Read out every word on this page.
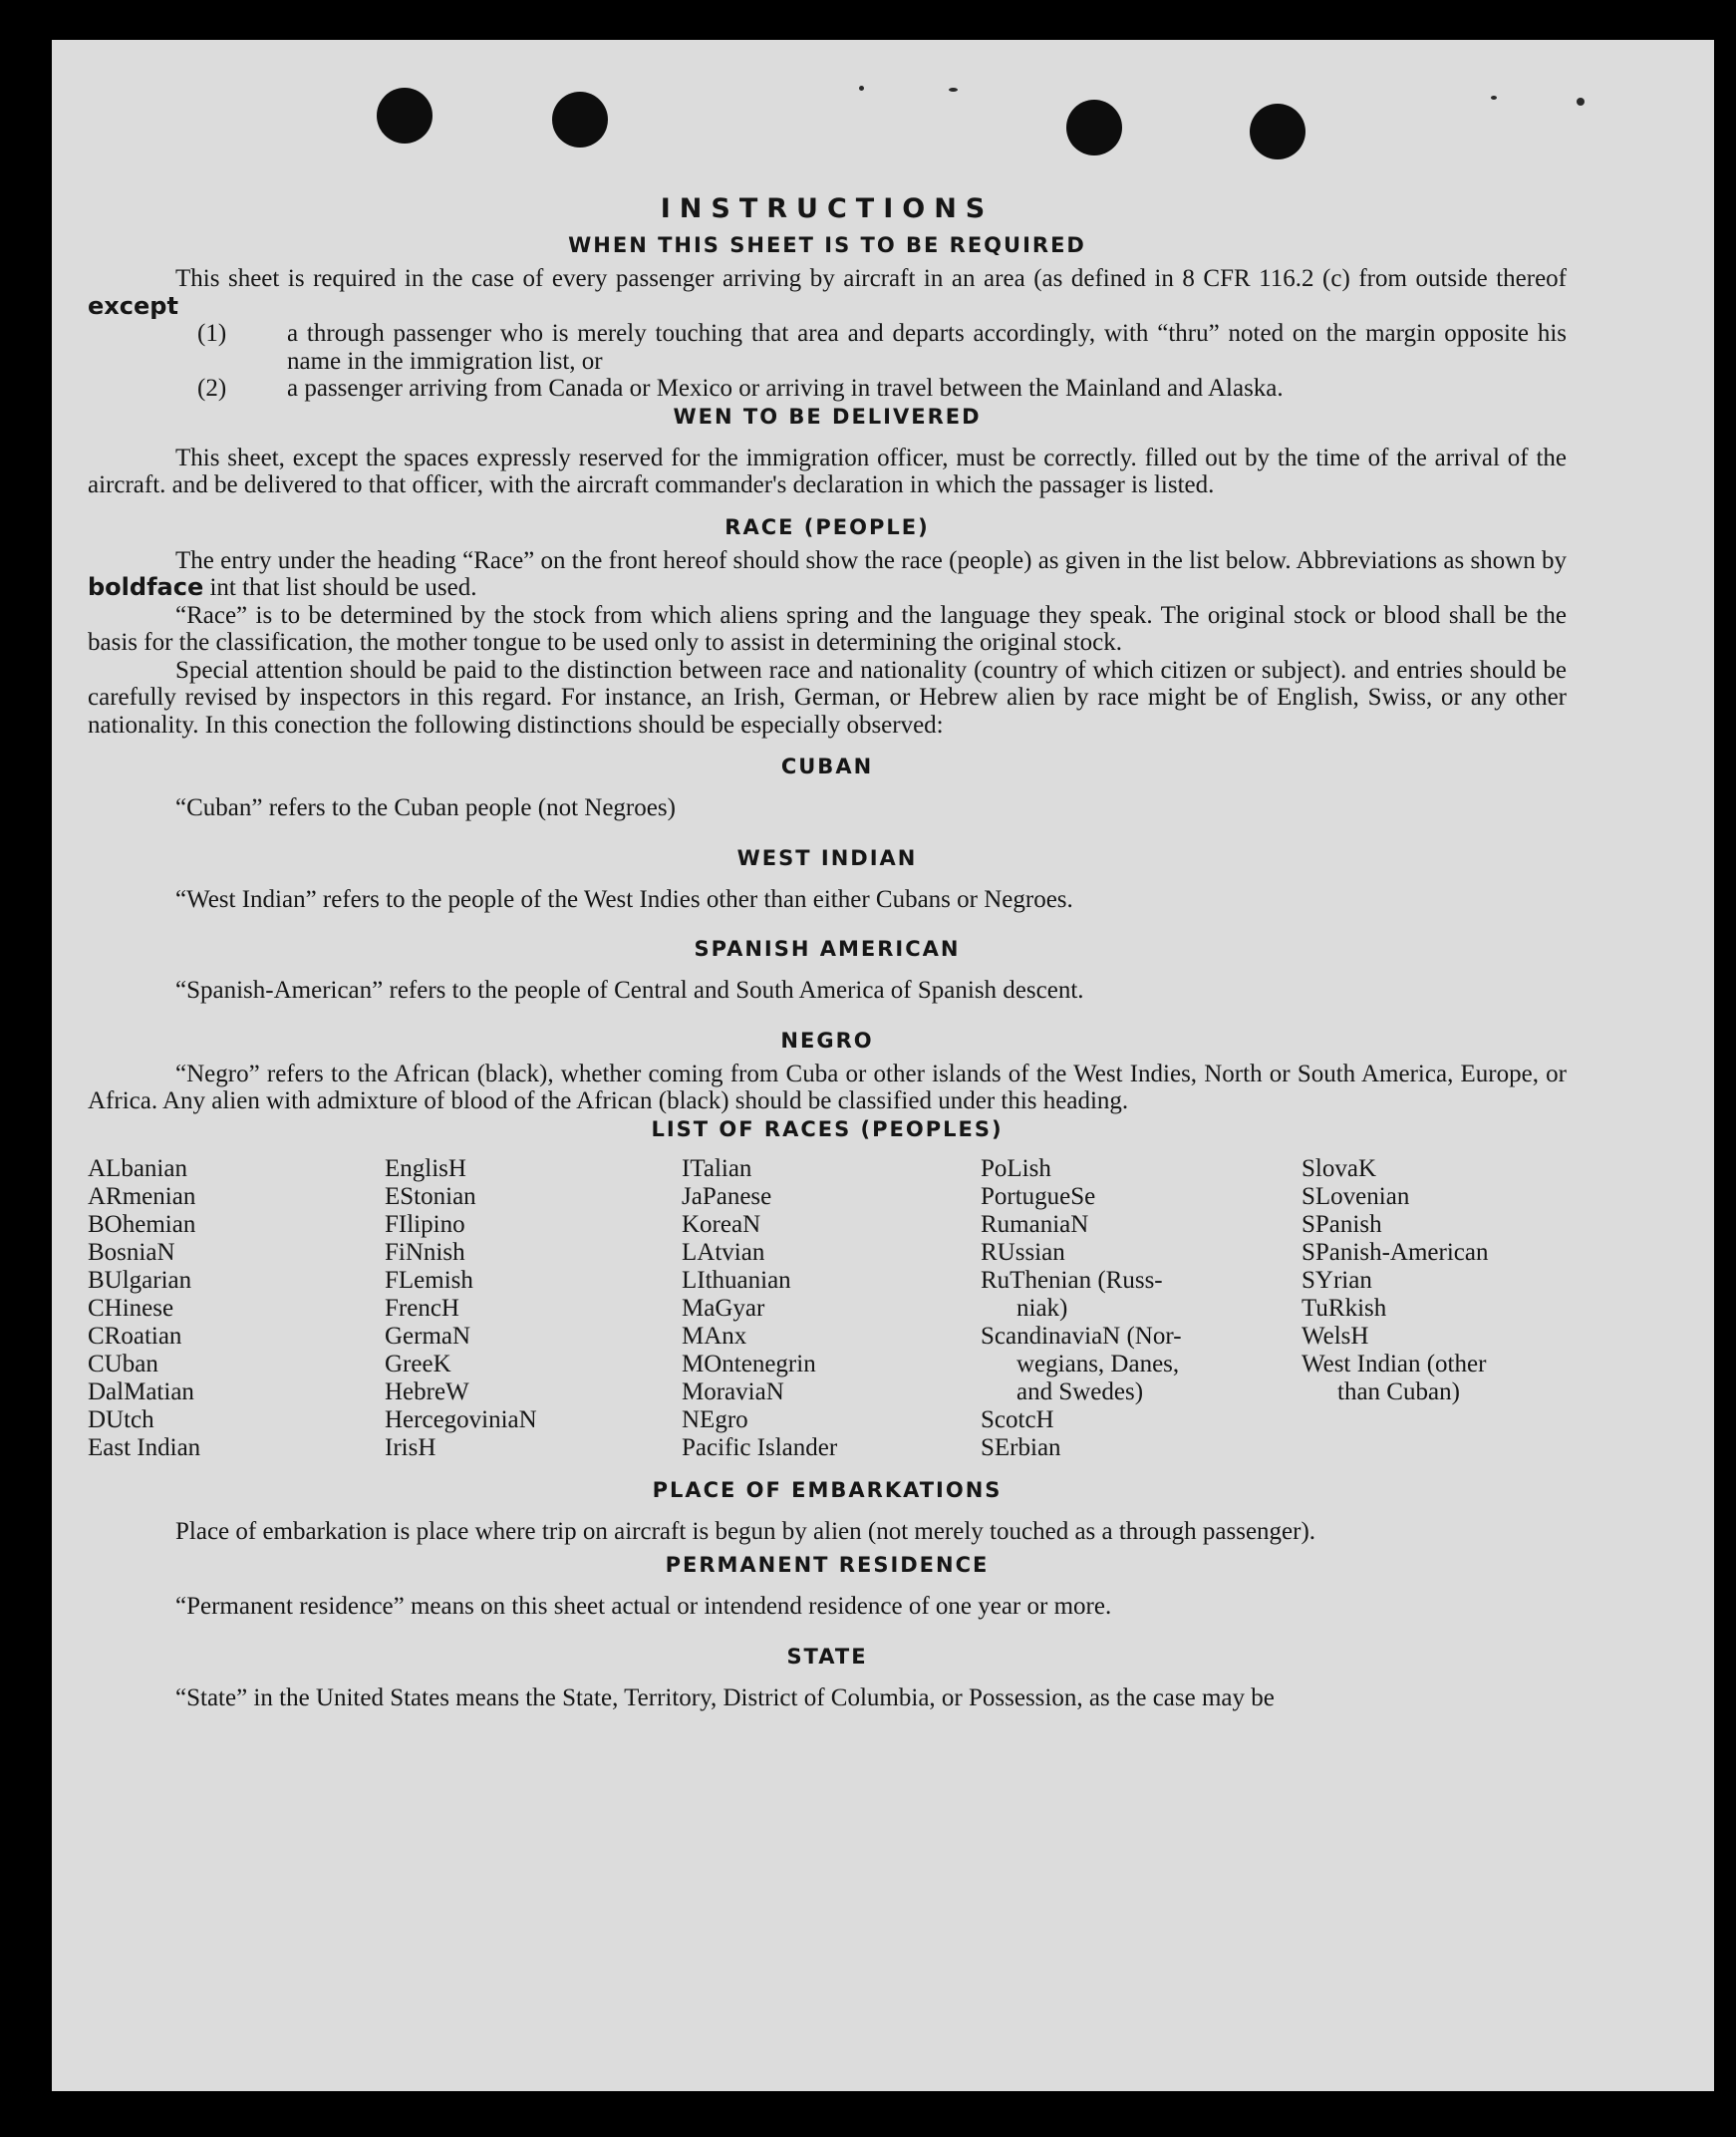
INSTRUCTIONS
WHEN THIS SHEET IS TO BE REQUIRED

This sheet is required in the case of every passenger arriving by aircraft in an area (as defined in 8 CFR 116.2 (c) from outside thereof except

(1)	a through passenger who is merely touching that area and departs accordingly, with “thru” noted on the margin opposite his name in the immigration list, or
(2)	a passenger arriving from Canada or Mexico or arriving in travel between the Mainland and Alaska.
WEN TO BE DELIVERED

This sheet, except the spaces expressly reserved for the immigration officer, must be correctly. filled out by the time of the arrival of the aircraft. and be delivered to that officer, with the aircraft commander's declaration in which the passager is listed.

RACE (PEOPLE)

The entry under the heading “Race” on the front hereof should show the race (people) as given in the list below. Abbreviations as shown by boldface int that list should be used.

“Race” is to be determined by the stock from which aliens spring and the language they speak. The original stock or blood shall be the basis for the classification, the mother tongue to be used only to assist in determining the original stock.

Special attention should be paid to the distinction between race and nationality (country of which citizen or subject). and entries should be carefully revised by inspectors in this regard. For instance, an Irish, German, or Hebrew alien by race might be of English, Swiss, or any other nationality. In this conection the following distinctions should be especially observed:

CUBAN

“Cuban” refers to the Cuban people (not Negroes)

WEST INDIAN

“West Indian” refers to the people of the West Indies other than either Cubans or Negroes.

SPANISH AMERICAN

“Spanish-American” refers to the people of Central and South America of Spanish descent.

NEGRO

“Negro” refers to the African (black), whether coming from Cuba or other islands of the West Indies, North or South America, Europe, or Africa. Any alien with admixture of blood of the African (black) should be classified under this heading.

LIST OF RACES (PEOPLES)
ALbanian
ARmenian
BOhemian
BosniaN
BUlgarian
CHinese
CRoatian
CUban
DalMatian
DUtch
East Indian
EnglisH
EStonian
FIlipino
FiNnish
FLemish
FrencH
GermaN
GreeK
HebreW
HercegoviniaN
IrisH
ITalian
JaPanese
KoreaN
LAtvian
LIthuanian
MaGyar
MAnx
MOntenegrin
MoraviaN
NEgro
Pacific Islander
PoLish
PortugueSe
RumaniaN
RUssian
RuThenian (Russ-
niak)
ScandinaviaN (Nor-
wegians, Danes,
and Swedes)
ScotcH
SErbian
SlovaK
SLovenian
SPanish
SPanish-American
SYrian
TuRkish
WelsH
West Indian (other
than Cuban)
PLACE OF EMBARKATIONS

Place of embarkation is place where trip on aircraft is begun by alien (not merely touched as a through passenger).

PERMANENT RESIDENCE

“Permanent residence” means on this sheet actual or intendend residence of one year or more.

STATE

“State” in the United States means the State, Territory, District of Columbia, or Possession, as the case may be
